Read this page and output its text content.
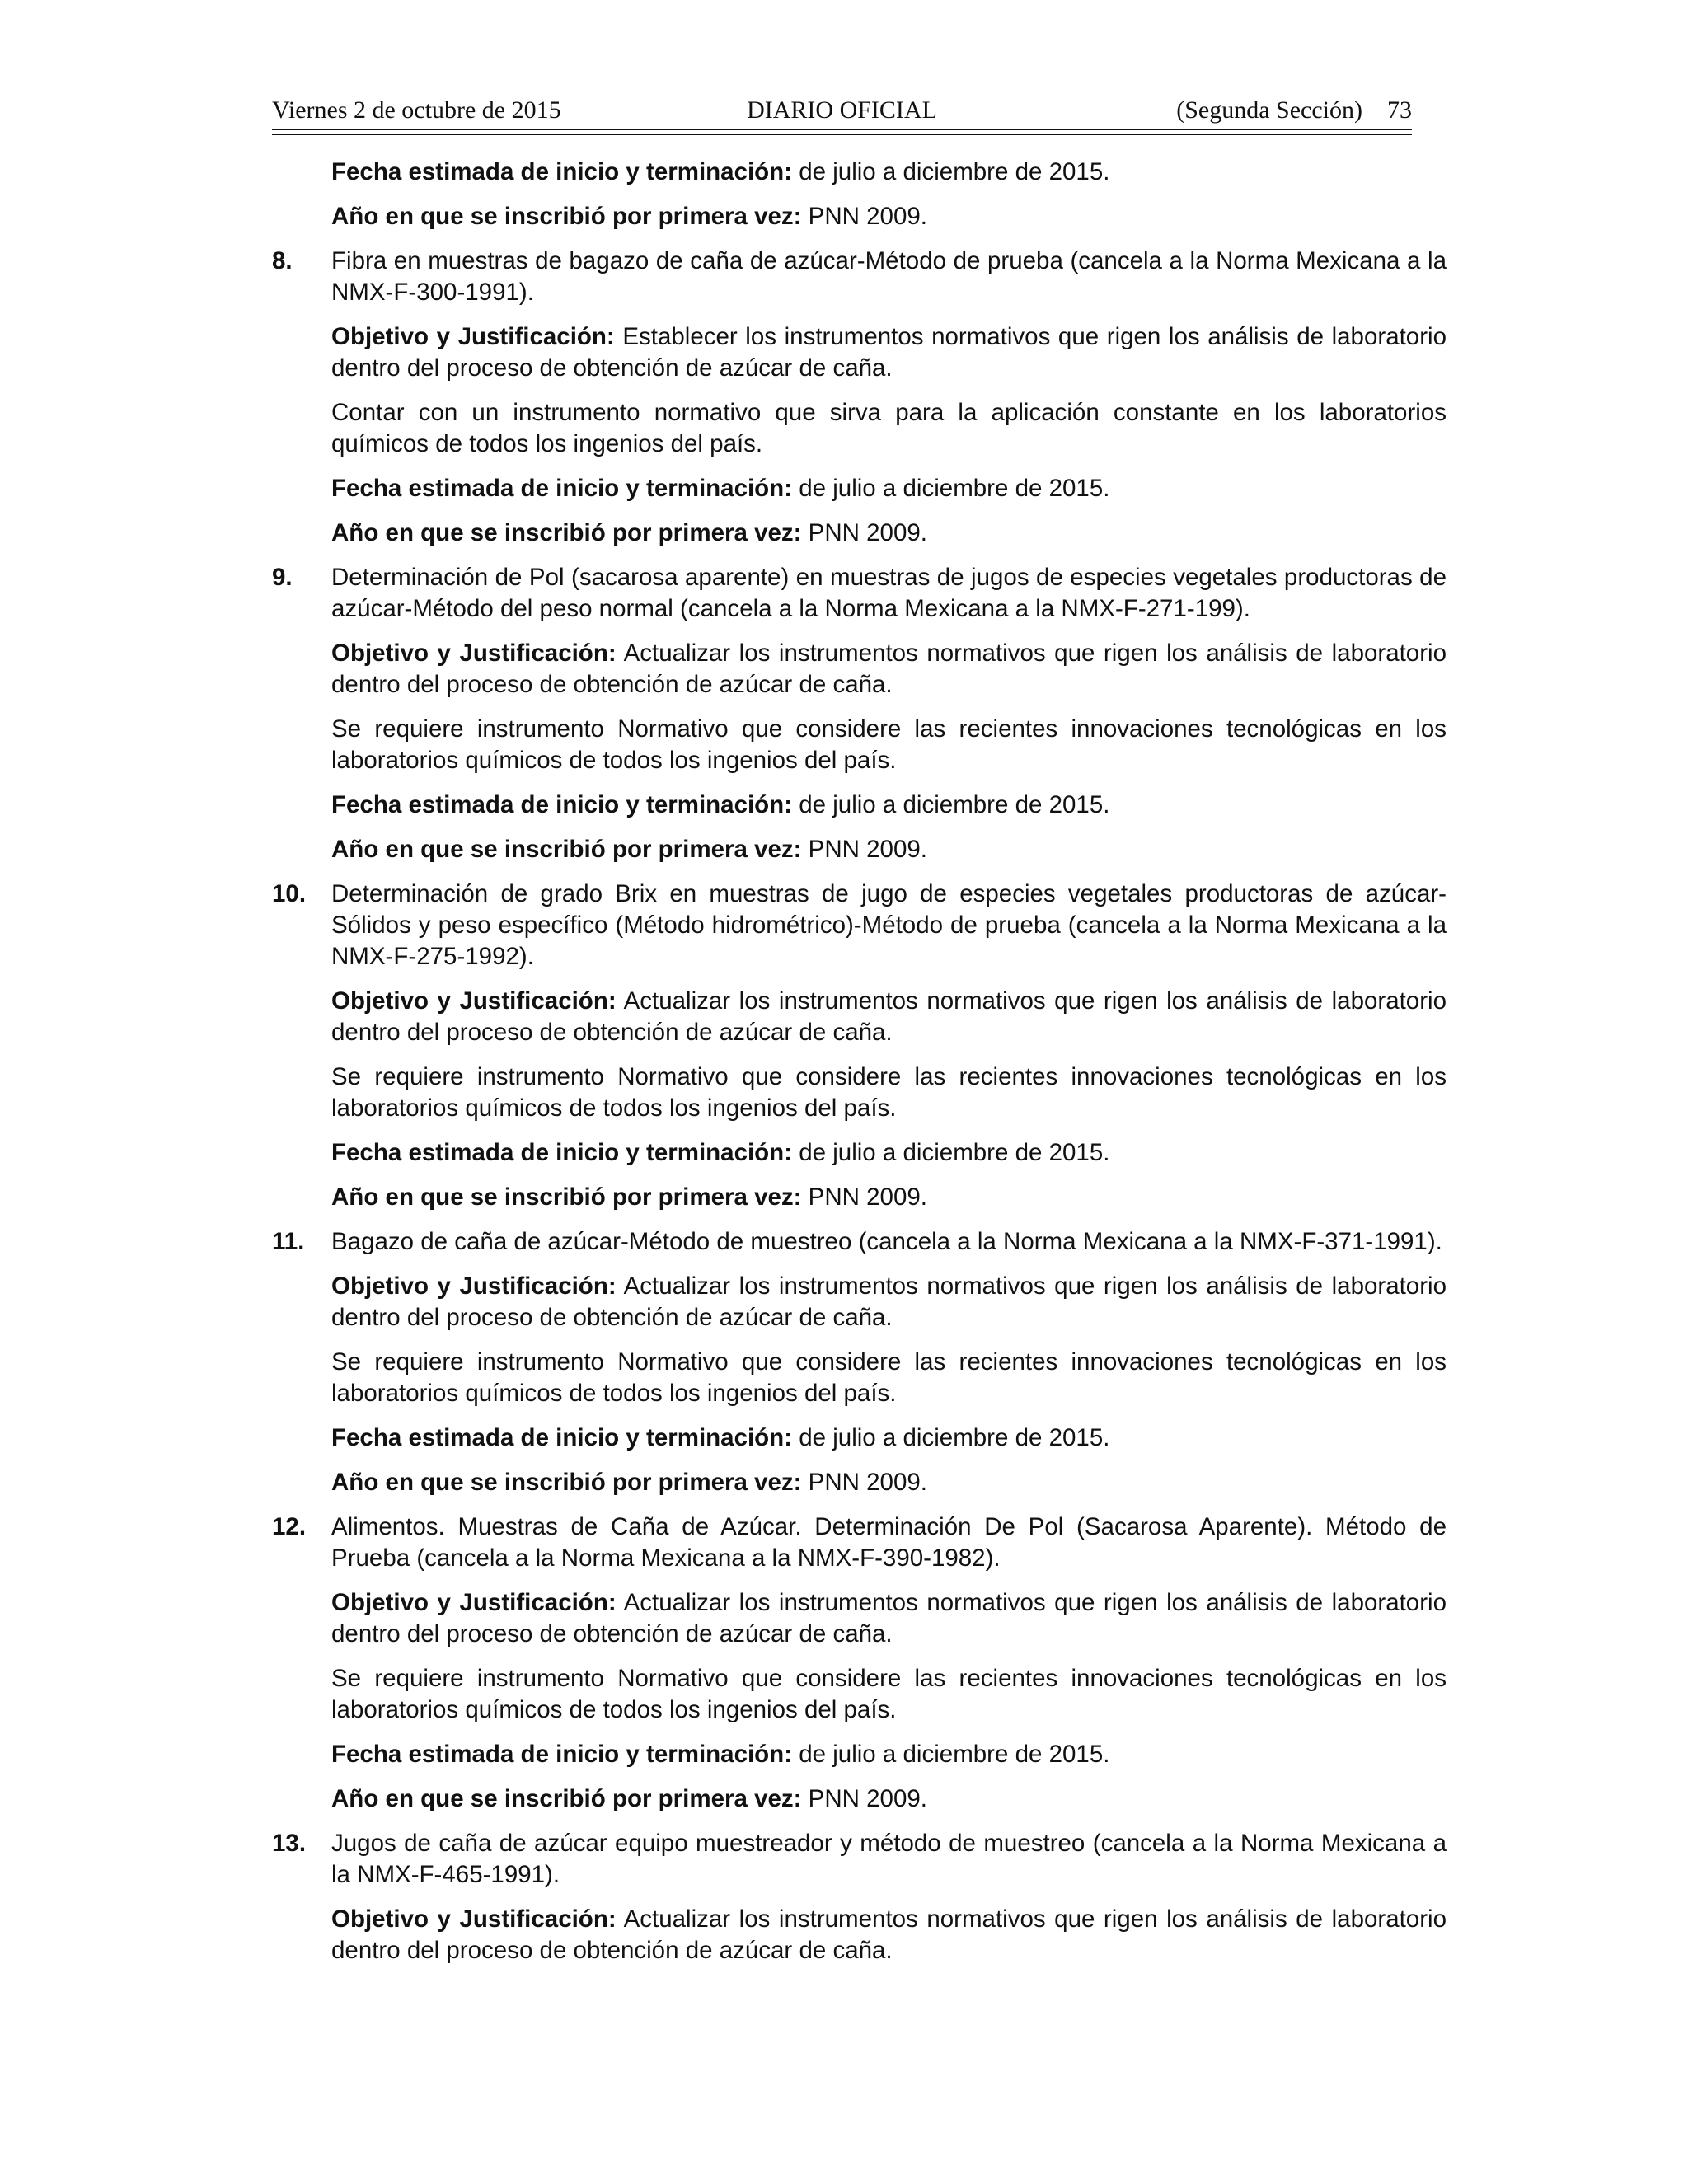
Viernes 2 de octubre de 2015	DIARIO OFICIAL	(Segunda Sección) 73
Fecha estimada de inicio y terminación: de julio a diciembre de 2015.
Año en que se inscribió por primera vez: PNN 2009.
8. Fibra en muestras de bagazo de caña de azúcar-Método de prueba (cancela a la Norma Mexicana a la NMX-F-300-1991).
Objetivo y Justificación: Establecer los instrumentos normativos que rigen los análisis de laboratorio dentro del proceso de obtención de azúcar de caña.
Contar con un instrumento normativo que sirva para la aplicación constante en los laboratorios químicos de todos los ingenios del país.
Fecha estimada de inicio y terminación: de julio a diciembre de 2015.
Año en que se inscribió por primera vez: PNN 2009.
9. Determinación de Pol (sacarosa aparente) en muestras de jugos de especies vegetales productoras de azúcar-Método del peso normal (cancela a la Norma Mexicana a la NMX-F-271-199).
Objetivo y Justificación: Actualizar los instrumentos normativos que rigen los análisis de laboratorio dentro del proceso de obtención de azúcar de caña.
Se requiere instrumento Normativo que considere las recientes innovaciones tecnológicas en los laboratorios químicos de todos los ingenios del país.
Fecha estimada de inicio y terminación: de julio a diciembre de 2015.
Año en que se inscribió por primera vez: PNN 2009.
10. Determinación de grado Brix en muestras de jugo de especies vegetales productoras de azúcar-Sólidos y peso específico (Método hidrométrico)-Método de prueba (cancela a la Norma Mexicana a la NMX-F-275-1992).
Objetivo y Justificación: Actualizar los instrumentos normativos que rigen los análisis de laboratorio dentro del proceso de obtención de azúcar de caña.
Se requiere instrumento Normativo que considere las recientes innovaciones tecnológicas en los laboratorios químicos de todos los ingenios del país.
Fecha estimada de inicio y terminación: de julio a diciembre de 2015.
Año en que se inscribió por primera vez: PNN 2009.
11. Bagazo de caña de azúcar-Método de muestreo (cancela a la Norma Mexicana a la NMX-F-371-1991).
Objetivo y Justificación: Actualizar los instrumentos normativos que rigen los análisis de laboratorio dentro del proceso de obtención de azúcar de caña.
Se requiere instrumento Normativo que considere las recientes innovaciones tecnológicas en los laboratorios químicos de todos los ingenios del país.
Fecha estimada de inicio y terminación: de julio a diciembre de 2015.
Año en que se inscribió por primera vez: PNN 2009.
12. Alimentos. Muestras de Caña de Azúcar. Determinación De Pol (Sacarosa Aparente). Método de Prueba (cancela a la Norma Mexicana a la NMX-F-390-1982).
Objetivo y Justificación: Actualizar los instrumentos normativos que rigen los análisis de laboratorio dentro del proceso de obtención de azúcar de caña.
Se requiere instrumento Normativo que considere las recientes innovaciones tecnológicas en los laboratorios químicos de todos los ingenios del país.
Fecha estimada de inicio y terminación: de julio a diciembre de 2015.
Año en que se inscribió por primera vez: PNN 2009.
13. Jugos de caña de azúcar equipo muestreador y método de muestreo (cancela a la Norma Mexicana a la NMX-F-465-1991).
Objetivo y Justificación: Actualizar los instrumentos normativos que rigen los análisis de laboratorio dentro del proceso de obtención de azúcar de caña.
